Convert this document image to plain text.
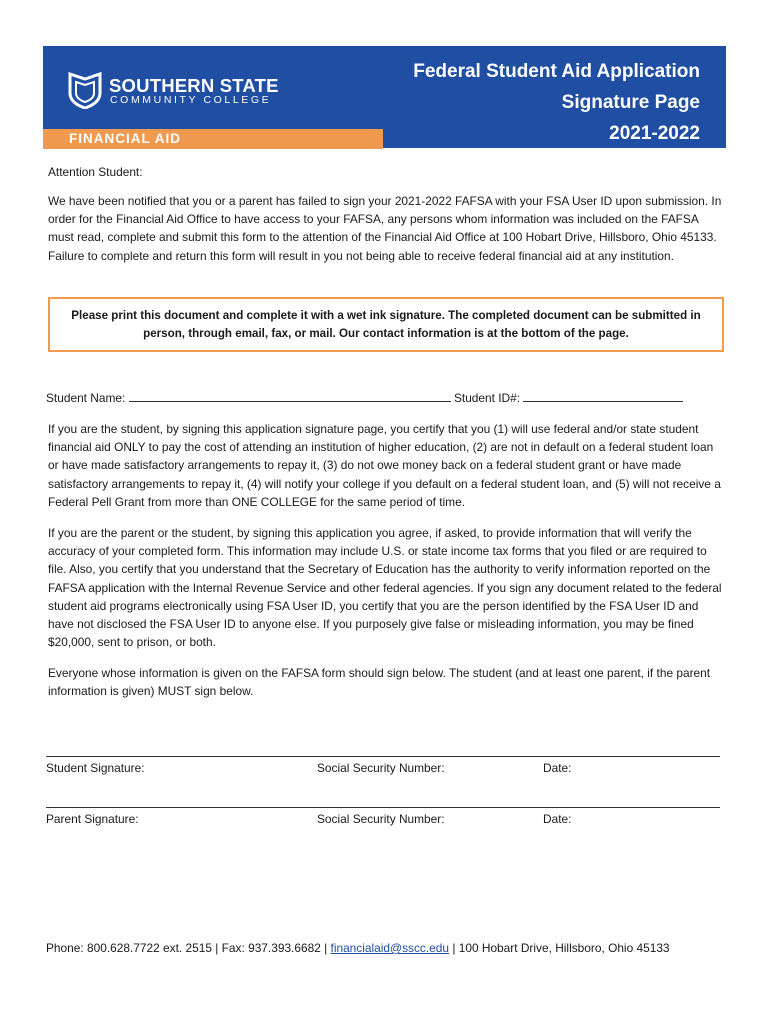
FINANCIAL AID
SOUTHERN STATE
COMMUNITY COLLEGE
Federal Student Aid Application
Signature Page
2021-2022
Attention Student:
We have been notified that you or a parent has failed to sign your 2021-2022 FAFSA with your FSA User ID upon submission. In order for the Financial Aid Office to have access to your FAFSA, any persons whom information was included on the FAFSA must read, complete and submit this form to the attention of the Financial Aid Office at 100 Hobart Drive, Hillsboro, Ohio 45133. Failure to complete and return this form will result in you not being able to receive federal financial aid at any institution.
Please print this document and complete it with a wet ink signature. The completed document can be submitted in person, through email, fax, or mail. Our contact information is at the bottom of the page.
Student Name:	Student ID#:
If you are the student, by signing this application signature page, you certify that you (1) will use federal and/or state student financial aid ONLY to pay the cost of attending an institution of higher education, (2) are not in default on a federal student loan or have made satisfactory arrangements to repay it, (3) do not owe money back on a federal student grant or have made satisfactory arrangements to repay it, (4) will notify your college if you default on a federal student loan, and (5) will not receive a Federal Pell Grant from more than ONE COLLEGE for the same period of time.
If you are the parent or the student, by signing this application you agree, if asked, to provide information that will verify the accuracy of your completed form. This information may include U.S. or state income tax forms that you filed or are required to file. Also, you certify that you understand that the Secretary of Education has the authority to verify information reported on the FAFSA application with the Internal Revenue Service and other federal agencies. If you sign any document related to the federal student aid programs electronically using FSA User ID, you certify that you are the person identified by the FSA User ID and have not disclosed the FSA User ID to anyone else. If you purposely give false or misleading information, you may be fined $20,000, sent to prison, or both.
Everyone whose information is given on the FAFSA form should sign below. The student (and at least one parent, if the parent information is given) MUST sign below.
Student Signature:	Social Security Number:	Date:
Parent Signature:	Social Security Number:	Date:
Phone: 800.628.7722 ext. 2515 | Fax: 937.393.6682 | financialaid@sscc.edu | 100 Hobart Drive, Hillsboro, Ohio 45133
